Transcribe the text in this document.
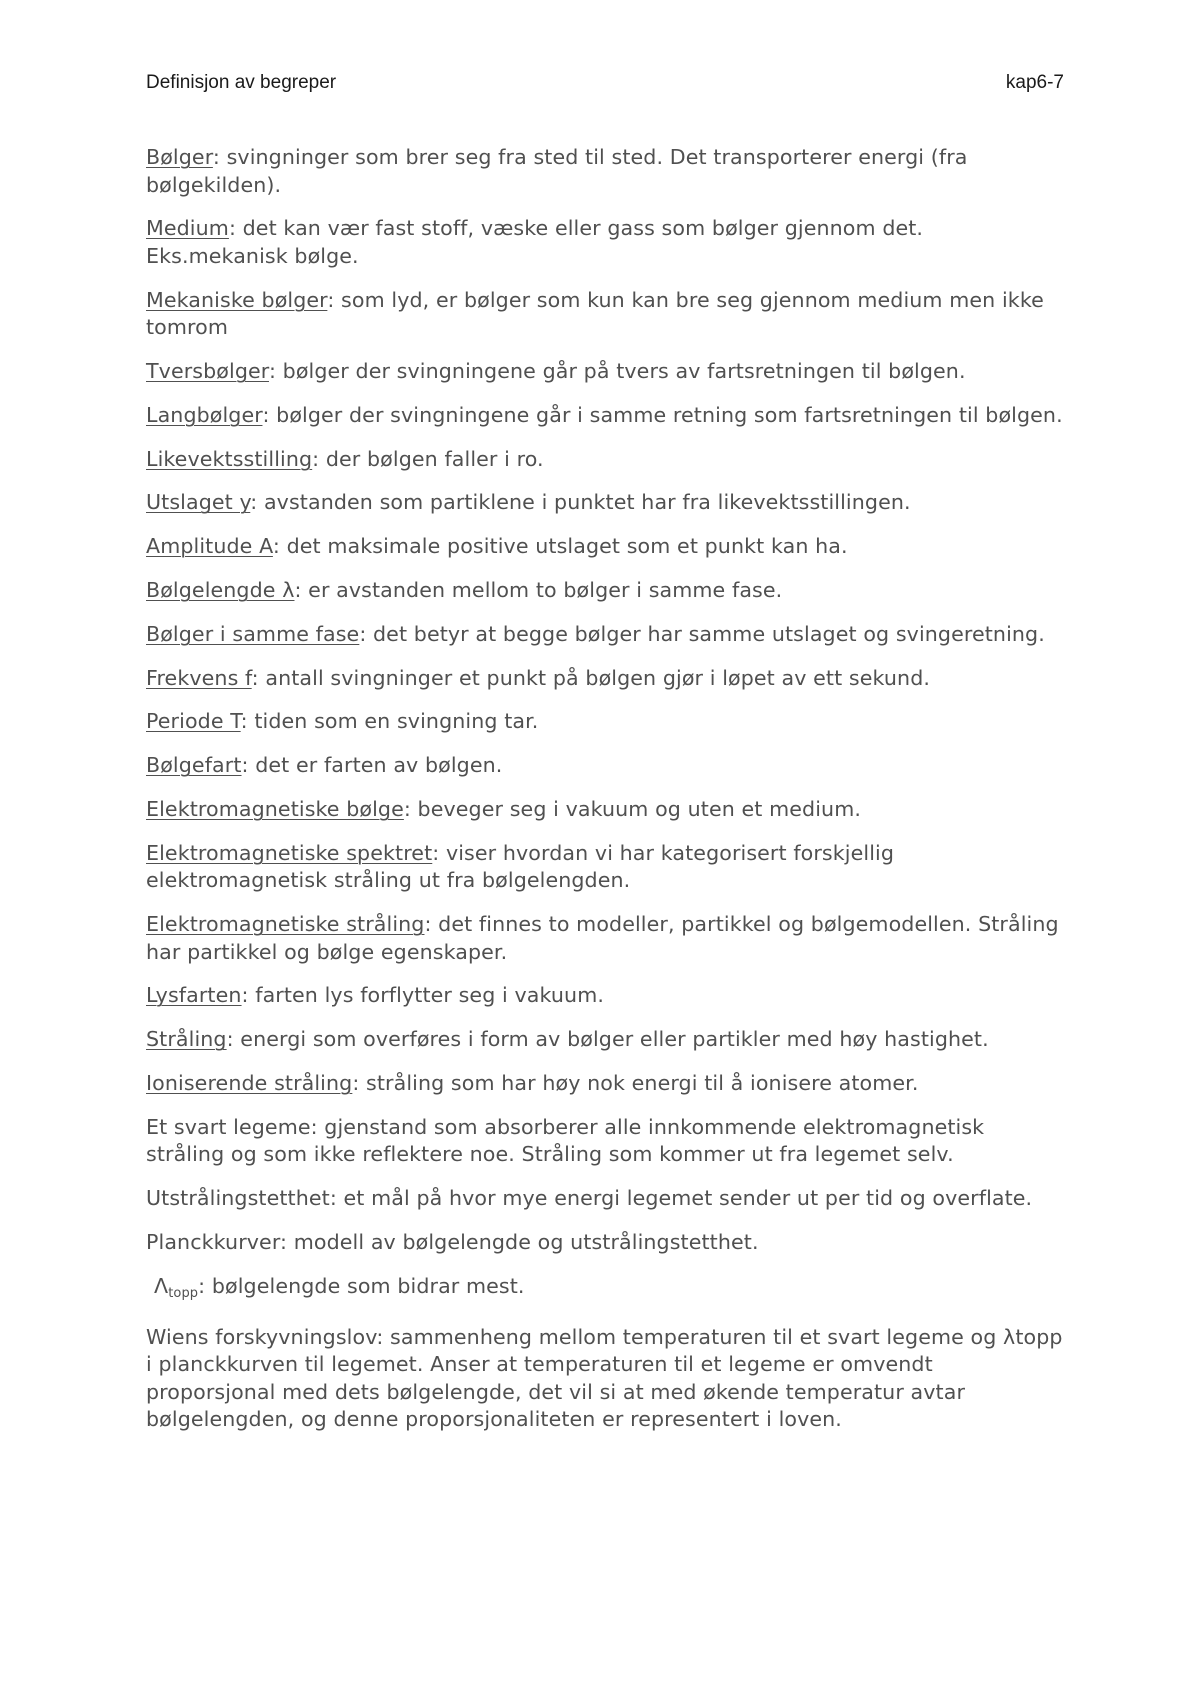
Definisjon av begreper	kap6-7

Bølger: svingninger som brer seg fra sted til sted. Det transporterer energi (fra bølgekilden).

Medium: det kan vær fast stoff, væske eller gass som bølger gjennom det. Eks.mekanisk bølge.

Mekaniske bølger: som lyd, er bølger som kun kan bre seg gjennom medium men ikke tomrom

Tversbølger: bølger der svingningene går på tvers av fartsretningen til bølgen.

Langbølger: bølger der svingningene går i samme retning som fartsretningen til bølgen.

Likevektsstilling: der bølgen faller i ro.

Utslaget y: avstanden som partiklene i punktet har fra likevektsstillingen.

Amplitude A: det maksimale positive utslaget som et punkt kan ha.

Bølgelengde λ: er avstanden mellom to bølger i samme fase.

Bølger i samme fase: det betyr at begge bølger har samme utslaget og svingeretning.

Frekvens f: antall svingninger et punkt på bølgen gjør i løpet av ett sekund.

Periode T: tiden som en svingning tar.

Bølgefart: det er farten av bølgen.

Elektromagnetiske bølge: beveger seg i vakuum og uten et medium.

Elektromagnetiske spektret: viser hvordan vi har kategorisert forskjellig elektromagnetisk stråling ut fra bølgelengden.

Elektromagnetiske stråling: det finnes to modeller, partikkel og bølgemodellen. Stråling har partikkel og bølge egenskaper.

Lysfarten: farten lys forflytter seg i vakuum.

Stråling: energi som overføres i form av bølger eller partikler med høy hastighet.

Ioniserende stråling: stråling som har høy nok energi til å ionisere atomer.

Et svart legeme: gjenstand som absorberer alle innkommende elektromagnetisk stråling og som ikke reflektere noe. Stråling som kommer ut fra legemet selv.

Utstrålingstetthet: et mål på hvor mye energi legemet sender ut per tid og overflate.

Planckkurver: modell av bølgelengde og utstrålingstetthet.

$\Lambda_{topp}$: bølgelengde som bidrar mest.

Wiens forskyvningslov: sammenheng mellom temperaturen til et svart legeme og λtopp i planckkurven til legemet. Anser at temperaturen til et legeme er omvendt proporsjonal med dets bølgelengde, det vil si at med økende temperatur avtar bølgelengden, og denne proporsjonaliteten er representert i loven.
